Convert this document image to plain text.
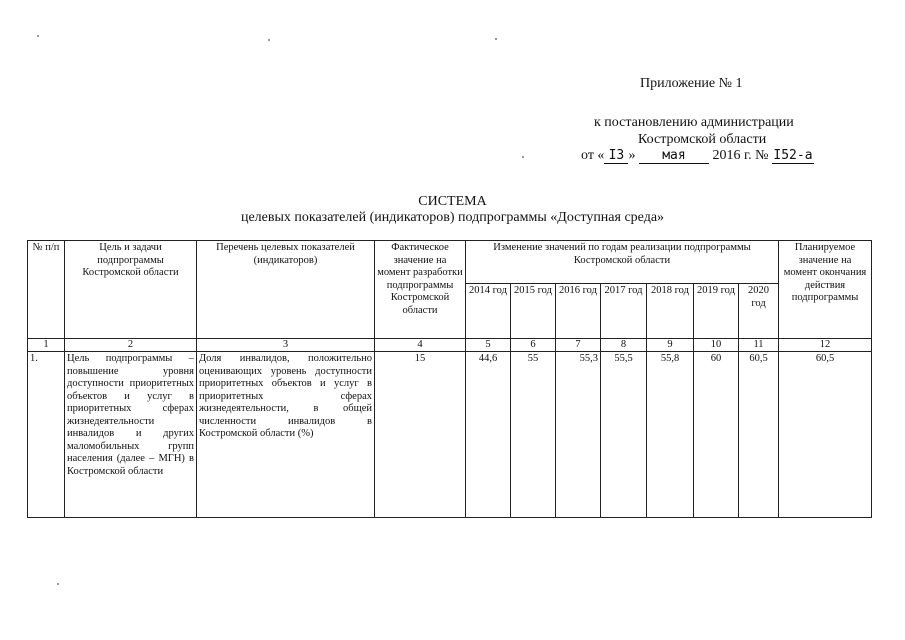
Приложение № 1
к постановлению администрации
Костромской области
от « I3 » мая 2016 г. № I52-а
СИСТЕМА
целевых показателей (индикаторов) подпрограммы «Доступная среда»
№ п/п	Цель и задачи подпрограммы Костромской области	Перечень целевых показателей (индикаторов)	Фактическое значение на момент разработки подпрограммы Костромской области	Изменение значений по годам реализации подпрограммы Костромской области							Планируемое значение на момент окончания действия подпрограммы
				2014 год	2015 год	2016 год	2017 год	2018 год	2019 год	2020 год	
1	2	3	4	5	6	7	8	9	10	11	12
1.	Цель подпрограммы – повышение уровня доступности приоритетных объектов и услуг в приоритетных сферах жизнедеятельности инвалидов и других маломобильных групп населения (далее – МГН) в Костромской области	Доля инвалидов, положительно оценивающих уровень доступности приоритетных объектов и услуг в приоритетных сферах жизнедеятельности, в общей численности инвалидов в Костромской области (%)	15	44,6	55	55,3	55,5	55,8	60	60,5	60,5
